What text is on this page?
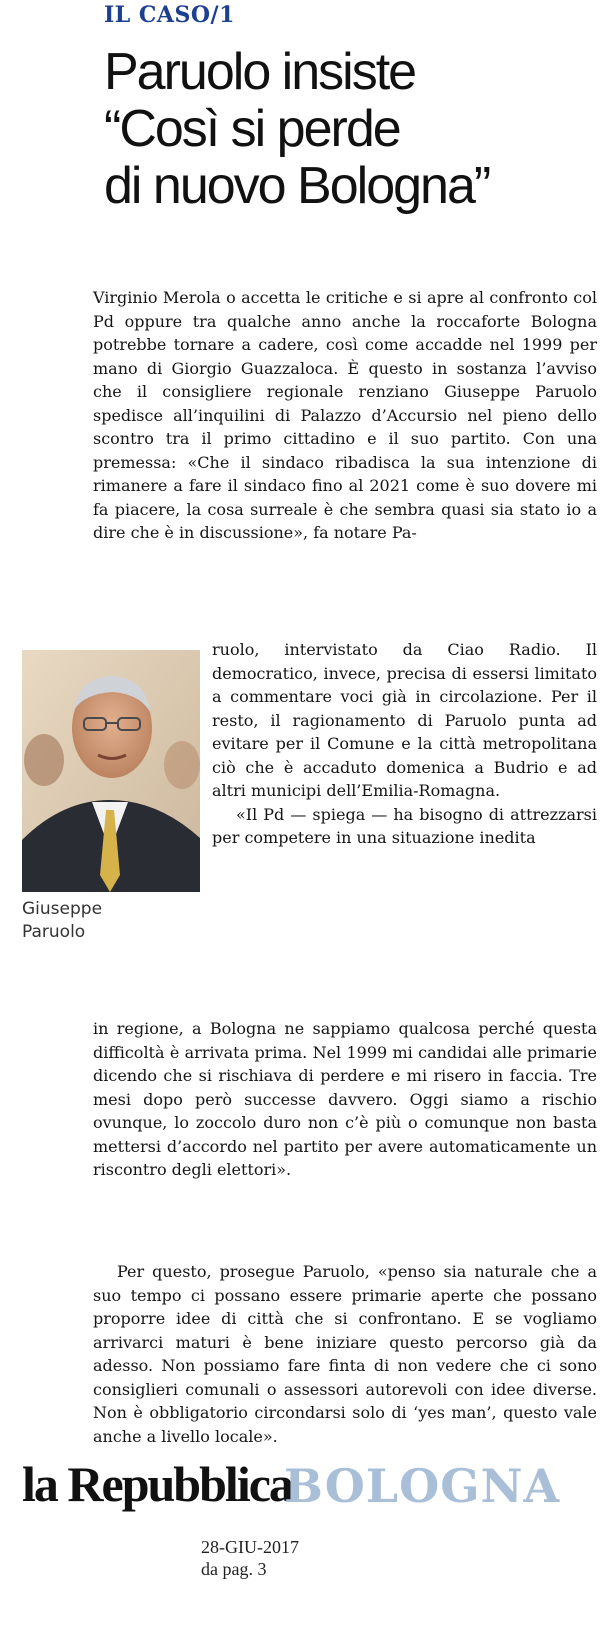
IL CASO/1
Paruolo insiste
“Così si perde
di nuovo Bologna”

Virginio Merola o accetta le critiche e si apre al confronto col Pd oppure tra qualche anno anche la roccaforte Bologna potrebbe tornare a cadere, così come accadde nel 1999 per mano di Giorgio Guazzaloca. È questo in sostanza l’avviso che il consigliere regionale renziano Giuseppe Paruolo spedisce all’inquilini di Palazzo d’Accursio nel pieno dello scontro tra il primo cittadino e il suo partito. Con una premessa: «Che il sindaco ribadisca la sua intenzione di rimanere a fare il sindaco fino al 2021 come è suo dovere mi fa piacere, la cosa surreale è che sembra quasi sia stato io a dire che è in discussione», fa notare Pa-

Giuseppe
Paruolo

ruolo, intervistato da Ciao Radio. Il democratico, invece, precisa di essersi limitato a commentare voci già in circolazione. Per il resto, il ragionamento di Paruolo punta ad evitare per il Comune e la città metropolitana ciò che è accaduto domenica a Budrio e ad altri municipi dell’Emilia-Romagna.

«Il Pd — spiega — ha bisogno di attrezzarsi per competere in una situazione inedita

in regione, a Bologna ne sappiamo qualcosa perché questa difficoltà è arrivata prima. Nel 1999 mi candidai alle primarie dicendo che si rischiava di perdere e mi risero in faccia. Tre mesi dopo però successe davvero. Oggi siamo a rischio ovunque, lo zoccolo duro non c’è più o comunque non basta mettersi d’accordo nel partito per avere automaticamente un riscontro degli elettori».

Per questo, prosegue Paruolo, «penso sia naturale che a suo tempo ci possano essere primarie aperte che possano proporre idee di città che si confrontano. E se vogliamo arrivarci maturi è bene iniziare questo percorso già da adesso. Non possiamo fare finta di non vedere che ci sono consiglieri comunali o assessori autorevoli con idee diverse. Non è obbligatorio circondarsi solo di ‘yes man’, questo vale anche a livello locale».

la Repubblica
BOLOGNA
28-GIU-2017
da pag. 3
